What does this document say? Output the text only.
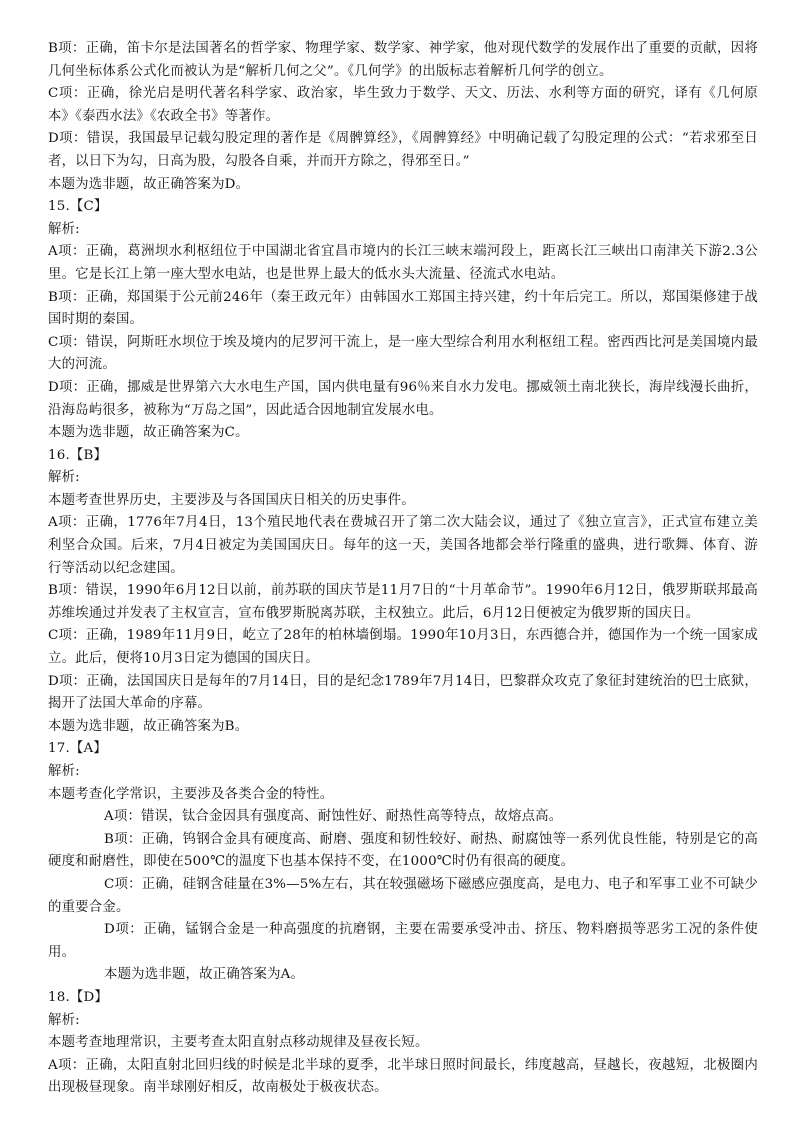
B项：正确，笛卡尔是法国著名的哲学家、物理学家、数学家、神学家，他对现代数学的发展作出了重要的贡献，因将几何坐标体系公式化而被认为是“解析几何之父”。《几何学》的出版标志着解析几何学的创立。

C项：正确，徐光启是明代著名科学家、政治家，毕生致力于数学、天文、历法、水利等方面的研究，译有《几何原本》《泰西水法》《农政全书》等著作。

D项：错误，我国最早记载勾股定理的著作是《周髀算经》，《周髀算经》中明确记载了勾股定理的公式：“若求邪至日者，以日下为勾，日高为股，勾股各自乘，并而开方除之，得邪至日。”

本题为选非题，故正确答案为D。

15.【C】

解析:

A项：正确，葛洲坝水利枢纽位于中国湖北省宜昌市境内的长江三峡末端河段上，距离长江三峡出口南津关下游2.3公里。它是长江上第一座大型水电站，也是世界上最大的低水头大流量、径流式水电站。

B项：正确，郑国渠于公元前246年（秦王政元年）由韩国水工郑国主持兴建，约十年后完工。所以，郑国渠修建于战国时期的秦国。

C项：错误，阿斯旺水坝位于埃及境内的尼罗河干流上，是一座大型综合利用水利枢纽工程。密西西比河是美国境内最大的河流。

D项：正确，挪威是世界第六大水电生产国，国内供电量有96％来自水力发电。挪威领土南北狭长，海岸线漫长曲折，沿海岛屿很多，被称为“万岛之国”，因此适合因地制宜发展水电。

本题为选非题，故正确答案为C。

16.【B】

解析:

本题考查世界历史，主要涉及与各国国庆日相关的历史事件。

A项：正确，1776年7月4日，13个殖民地代表在费城召开了第二次大陆会议，通过了《独立宣言》，正式宣布建立美利坚合众国。后来，7月4日被定为美国国庆日。每年的这一天，美国各地都会举行隆重的盛典，进行歌舞、体育、游行等活动以纪念建国。

B项：错误，1990年6月12日以前，前苏联的国庆节是11月7日的“十月革命节”。1990年6月12日，俄罗斯联邦最高苏维埃通过并发表了主权宣言，宣布俄罗斯脱离苏联，主权独立。此后，6月12日便被定为俄罗斯的国庆日。

C项：正确，1989年11月9日，屹立了28年的柏林墙倒塌。1990年10月3日，东西德合并，德国作为一个统一国家成立。此后，便将10月3日定为德国的国庆日。

D项：正确，法国国庆日是每年的7月14日，目的是纪念1789年7月14日，巴黎群众攻克了象征封建统治的巴士底狱，揭开了法国大革命的序幕。

本题为选非题，故正确答案为B。

17.【A】

解析:

本题考查化学常识，主要涉及各类合金的特性。

A项：错误，钛合金因具有强度高、耐蚀性好、耐热性高等特点，故熔点高。

B项：正确，钨钢合金具有硬度高、耐磨、强度和韧性较好、耐热、耐腐蚀等一系列优良性能，特别是它的高硬度和耐磨性，即使在500℃的温度下也基本保持不变，在1000℃时仍有很高的硬度。

C项：正确，硅钢含硅量在3%—5%左右，其在较强磁场下磁感应强度高，是电力、电子和军事工业不可缺少的重要合金。

D项：正确，锰钢合金是一种高强度的抗磨钢，主要在需要承受冲击、挤压、物料磨损等恶劣工况的条件使用。

本题为选非题，故正确答案为A。

18.【D】

解析:

本题考查地理常识，主要考查太阳直射点移动规律及昼夜长短。

A项：正确，太阳直射北回归线的时候是北半球的夏季，北半球日照时间最长，纬度越高，昼越长，夜越短，北极圈内出现极昼现象。南半球刚好相反，故南极处于极夜状态。
